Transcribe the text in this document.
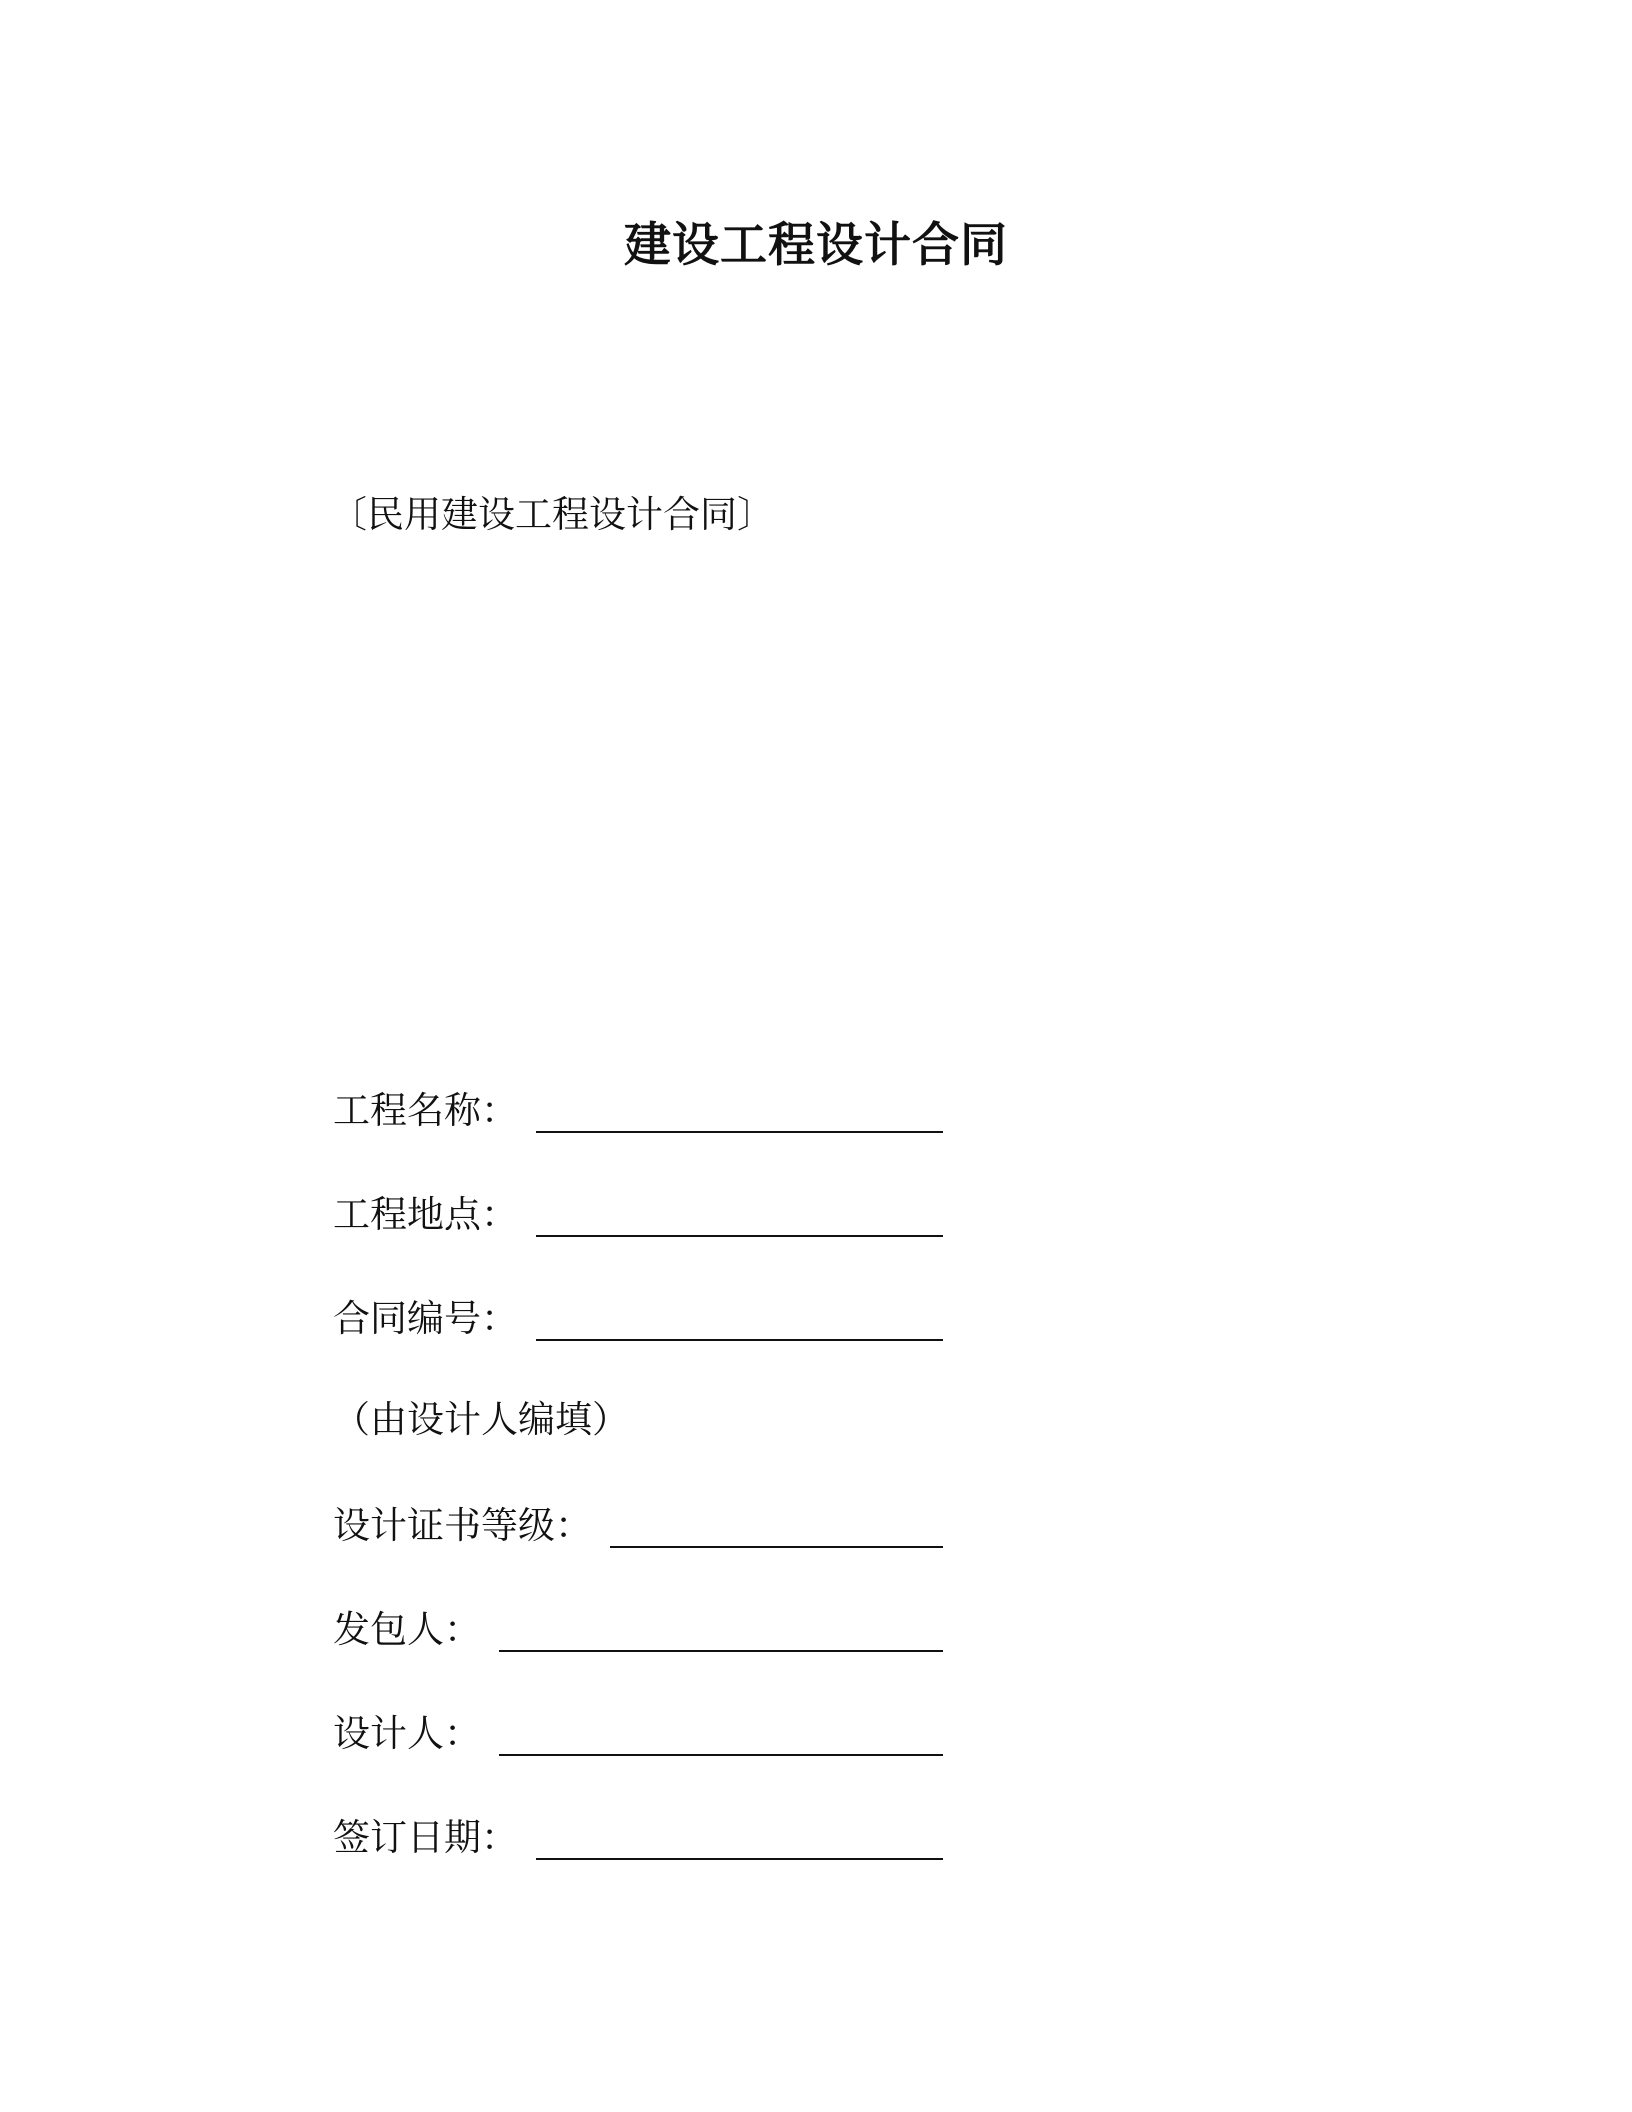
建设工程设计合同
〔民用建设工程设计合同〕
工程名称：
工程地点：
合同编号：
（由设计人编填）
设计证书等级：
发包人：
设计人：
签订日期：
